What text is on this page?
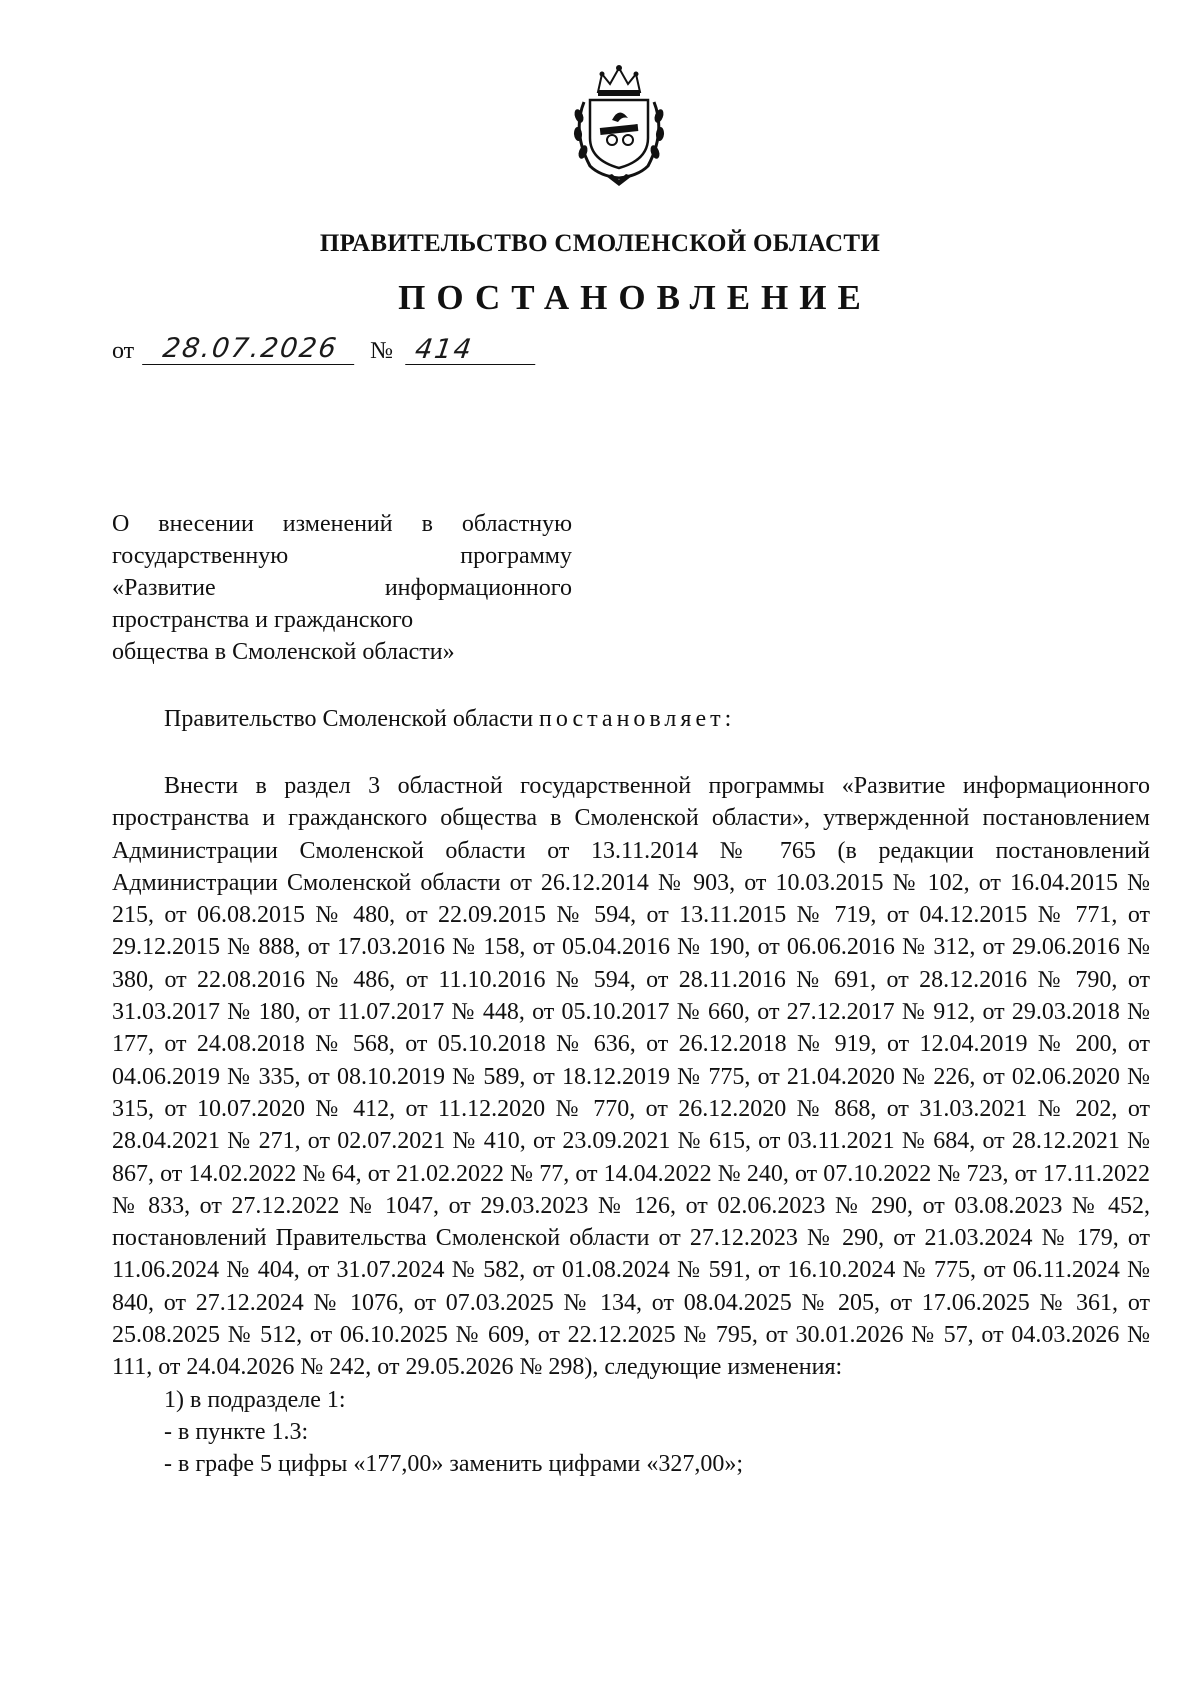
ПРАВИТЕЛЬСТВО СМОЛЕНСКОЙ ОБЛАСТИ
ПОСТАНОВЛЕНИЕ
от 28.07.2026 № 414
О внесении изменений в областную
государственную программу
«Развитие информационного
пространства и гражданского
общества в Смоленской области»
Правительство Смоленской области постановляет:

Внести в раздел 3 областной государственной программы «Развитие информационного пространства и гражданского общества в Смоленской области», утвержденной постановлением Администрации Смоленской области от 13.11.2014 № 765 (в редакции постановлений Администрации Смоленской области от 26.12.2014 № 903, от 10.03.2015 № 102, от 16.04.2015 № 215, от 06.08.2015 № 480, от 22.09.2015 № 594, от 13.11.2015 № 719, от 04.12.2015 № 771, от 29.12.2015 № 888, от 17.03.2016 № 158, от 05.04.2016 № 190, от 06.06.2016 № 312, от 29.06.2016 № 380, от 22.08.2016 № 486, от 11.10.2016 № 594, от 28.11.2016 № 691, от 28.12.2016 № 790, от 31.03.2017 № 180, от 11.07.2017 № 448, от 05.10.2017 № 660, от 27.12.2017 № 912, от 29.03.2018 № 177, от 24.08.2018 № 568, от 05.10.2018 № 636, от 26.12.2018 № 919, от 12.04.2019 № 200, от 04.06.2019 № 335, от 08.10.2019 № 589, от 18.12.2019 № 775, от 21.04.2020 № 226, от 02.06.2020 № 315, от 10.07.2020 № 412, от 11.12.2020 № 770, от 26.12.2020 № 868, от 31.03.2021 № 202, от 28.04.2021 № 271, от 02.07.2021 № 410, от 23.09.2021 № 615, от 03.11.2021 № 684, от 28.12.2021 № 867, от 14.02.2022 № 64, от 21.02.2022 № 77, от 14.04.2022 № 240, от 07.10.2022 № 723, от 17.11.2022 № 833, от 27.12.2022 № 1047, от 29.03.2023 № 126, от 02.06.2023 № 290, от 03.08.2023 № 452, постановлений Правительства Смоленской области от 27.12.2023 № 290, от 21.03.2024 № 179, от 11.06.2024 № 404, от 31.07.2024 № 582, от 01.08.2024 № 591, от 16.10.2024 № 775, от 06.11.2024 № 840, от 27.12.2024 № 1076, от 07.03.2025 № 134, от 08.04.2025 № 205, от 17.06.2025 № 361, от 25.08.2025 № 512, от 06.10.2025 № 609, от 22.12.2025 № 795, от 30.01.2026 № 57, от 04.03.2026 № 111, от 24.04.2026 № 242, от 29.05.2026 № 298), следующие изменения:

1) в подразделе 1:

- в пункте 1.3:

- в графе 5 цифры «177,00» заменить цифрами «327,00»;
